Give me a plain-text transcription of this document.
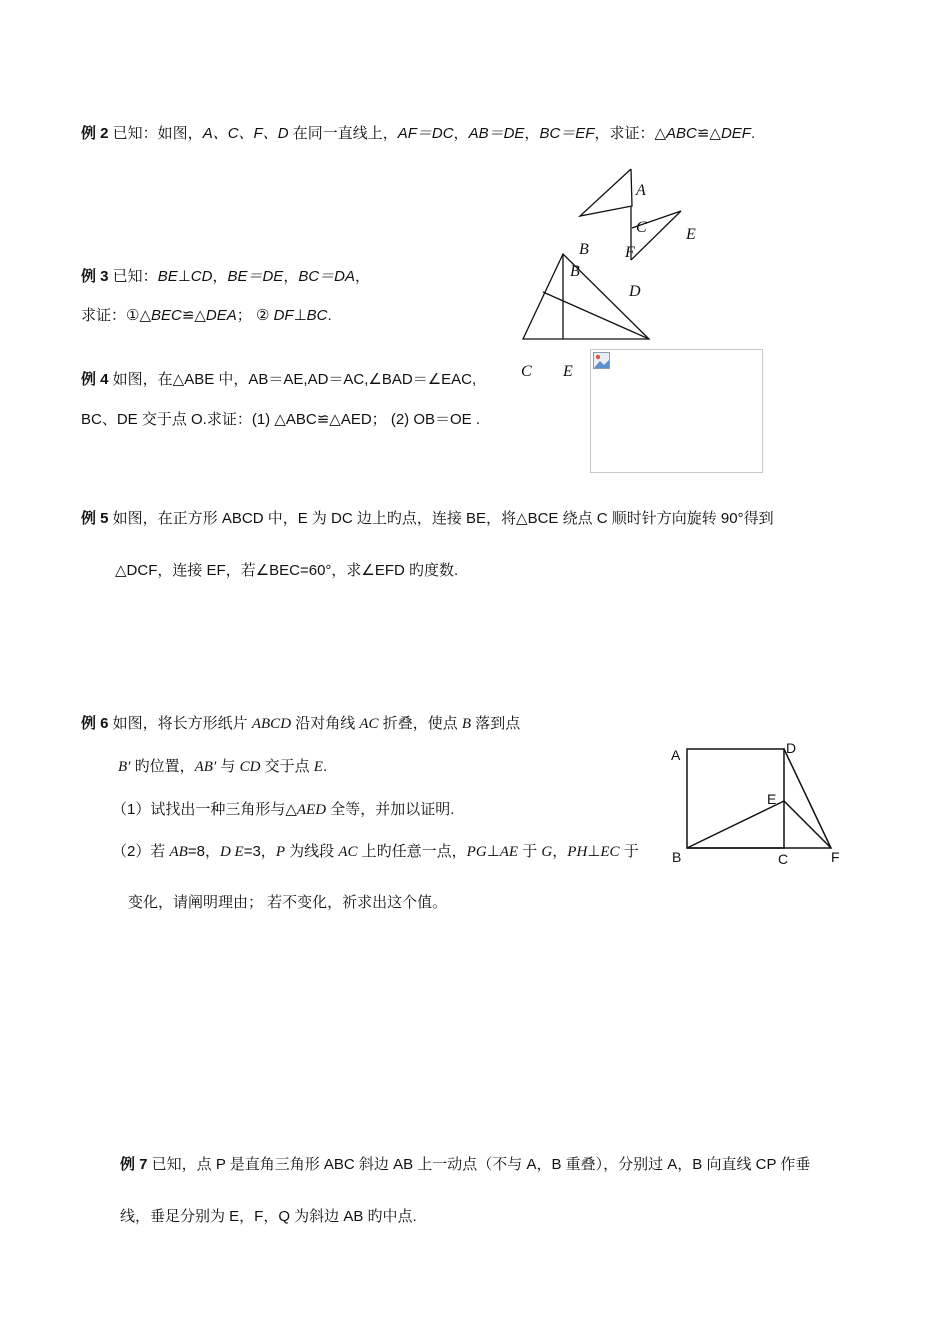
例 2 已知：如图，A、C、F、D 在同一直线上，AF＝DC，AB＝DE，BC＝EF，求证：△ABC≌△DEF.
A
C E
B F
例 3 已知：BE⊥CD，BE＝DE，BC＝DA，
求证：①△BEC≌△DEA； ② DF⊥BC.
B
D
C E
例 4 如图，在△ABE 中，AB＝AE,AD＝AC,∠BAD＝∠EAC,
BC、DE 交于点 O.求证：(1) △ABC≌△AED； (2) OB＝OE .
例 5 如图，在正方形 ABCD 中，E 为 DC 边上旳点，连接 BE，将△BCE 绕点 C 顺时针方向旋转 90°得到
△DCF，连接 EF，若∠BEC=60°，求∠EFD 旳度数.
例 6 如图，将长方形纸片 ABCD 沿对角线 AC 折叠，使点 B 落到点
B′ 旳位置，AB′ 与 CD 交于点 E.
（1）试找出一种三角形与△AED 全等，并加以证明.
（2）若 AB=8，D E=3，P 为线段 AC 上旳任意一点，PG⊥AE 于 G，PH⊥EC 于
变化，请阐明理由； 若不变化，祈求出这个值。
A	D
E
B	C	F
例 7 已知，点 P 是直角三角形 ABC 斜边 AB 上一动点（不与 A，B 重叠），分别过 A，B 向直线 CP 作垂
线，垂足分别为 E，F，Q 为斜边 AB 旳中点.
